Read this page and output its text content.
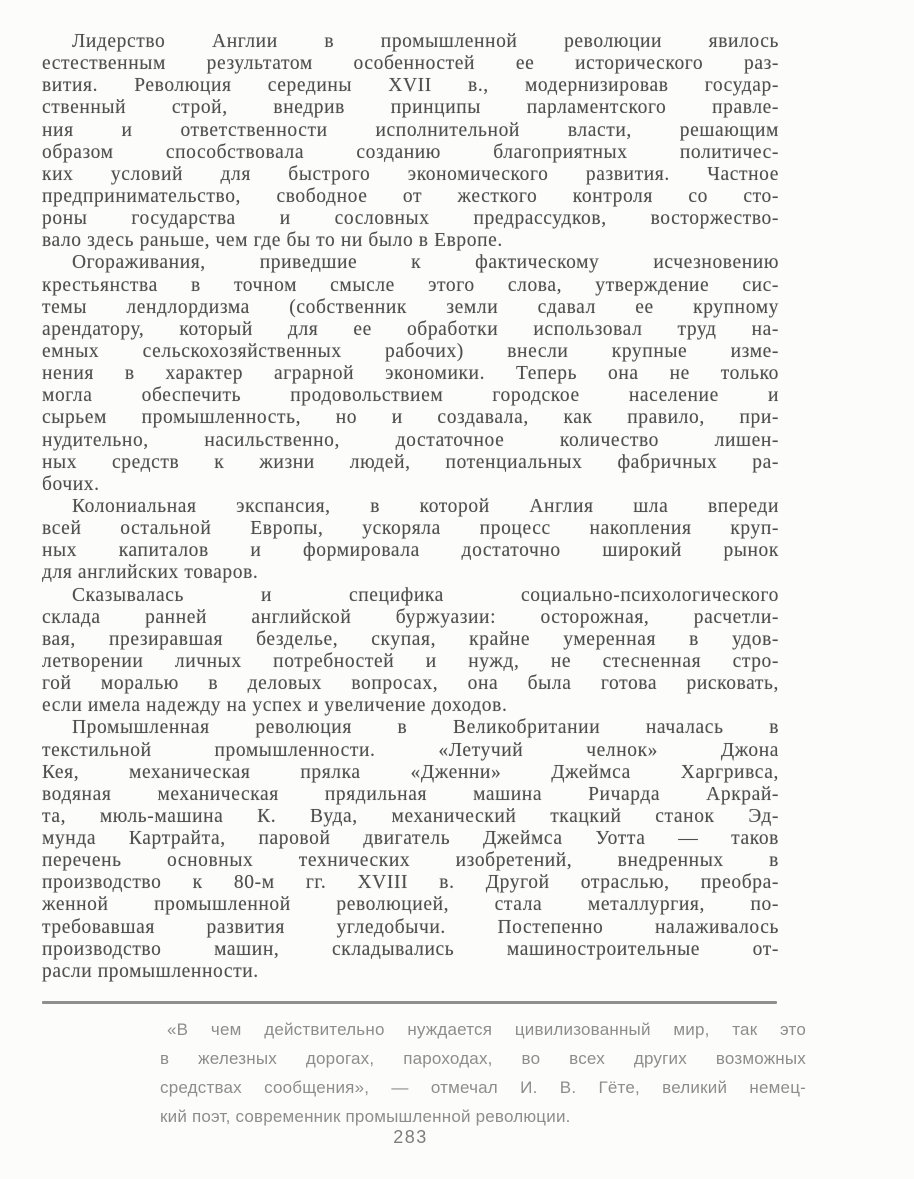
Лидерство Англии в промышленной революции явилось
естественным результатом особенностей ее исторического раз-
вития. Революция середины XVII в., модернизировав государ-
ственный строй, внедрив принципы парламентского правле-
ния и ответственности исполнительной власти, решающим
образом способствовала созданию благоприятных политичес-
ких условий для быстрого экономического развития. Частное
предпринимательство, свободное от жесткого контроля со сто-
роны государства и сословных предрассудков, восторжество-
вало здесь раньше, чем где бы то ни было в Европе.
Огораживания, приведшие к фактическому исчезновению
крестьянства в точном смысле этого слова, утверждение сис-
темы лендлордизма (собственник земли сдавал ее крупному
арендатору, который для ее обработки использовал труд на-
емных сельскохозяйственных рабочих) внесли крупные изме-
нения в характер аграрной экономики. Теперь она не только
могла обеспечить продовольствием городское население и
сырьем промышленность, но и создавала, как правило, при-
нудительно, насильственно, достаточное количество лишен-
ных средств к жизни людей, потенциальных фабричных ра-
бочих.
Колониальная экспансия, в которой Англия шла впереди
всей остальной Европы, ускоряла процесс накопления круп-
ных капиталов и формировала достаточно широкий рынок
для английских товаров.
Сказывалась и специфика социально-психологического
склада ранней английской буржуазии: осторожная, расчетли-
вая, презиравшая безделье, скупая, крайне умеренная в удов-
летворении личных потребностей и нужд, не стесненная стро-
гой моралью в деловых вопросах, она была готова рисковать,
если имела надежду на успех и увеличение доходов.
Промышленная революция в Великобритании началась в
текстильной промышленности. «Летучий челнок» Джона
Кея, механическая прялка «Дженни» Джеймса Харгривса,
водяная механическая прядильная машина Ричарда Аркрай-
та, мюль-машина К. Вуда, механический ткацкий станок Эд-
мунда Картрайта, паровой двигатель Джеймса Уотта — таков
перечень основных технических изобретений, внедренных в
производство к 80-м гг. XVIII в. Другой отраслью, преобра-
женной промышленной революцией, стала металлургия, по-
требовавшая развития угледобычи. Постепенно налаживалось
производство машин, складывались машиностроительные от-
расли промышленности.
«В чем действительно нуждается цивилизованный мир, так это
в железных дорогах, пароходах, во всех других возможных
средствах сообщения», — отмечал И. В. Гёте, великий немец-
кий поэт, современник промышленной революции.
283
